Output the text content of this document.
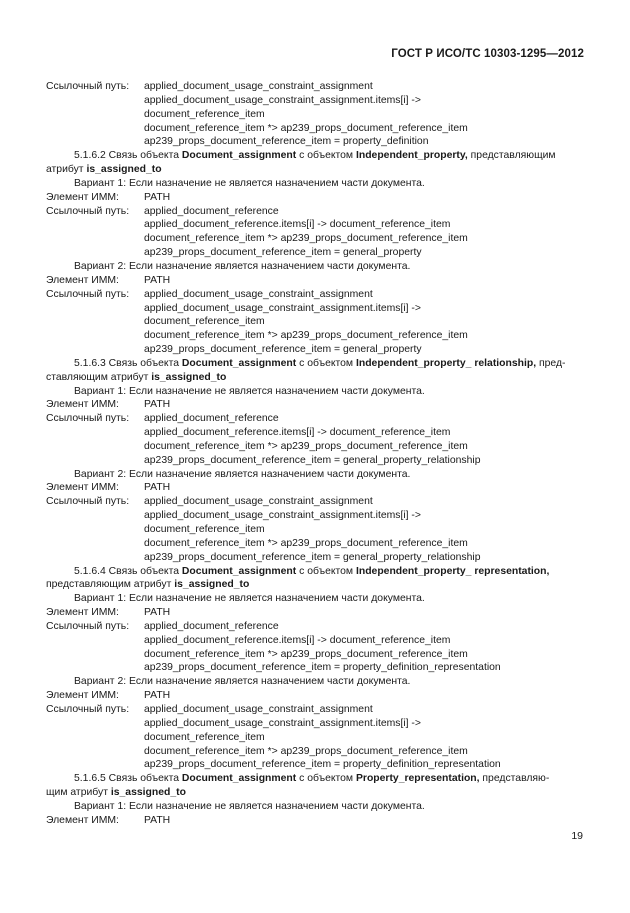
ГОСТ Р ИСО/ТС 10303-1295—2012
Ссылочный путь: applied_document_usage_constraint_assignment
applied_document_usage_constraint_assignment.items[i] ->
document_reference_item
document_reference_item *> ap239_props_document_reference_item
ap239_props_document_reference_item = property_definition
5.1.6.2 Связь объекта Document_assignment с объектом Independent_property, представляющим
атрибут is_assigned_to
Вариант 1: Если назначение не является назначением части документа.
Элемент ИММ: PATH
Ссылочный путь: applied_document_reference
applied_document_reference.items[i] -> document_reference_item
document_reference_item *> ap239_props_document_reference_item
ap239_props_document_reference_item = general_property
Вариант 2: Если назначение является назначением части документа.
Элемент ИММ: PATH
Ссылочный путь: applied_document_usage_constraint_assignment
applied_document_usage_constraint_assignment.items[i] ->
document_reference_item
document_reference_item *> ap239_props_document_reference_item
ap239_props_document_reference_item = general_property
5.1.6.3 Связь объекта Document_assignment с объектом Independent_property_ relationship, пред-
ставляющим атрибут is_assigned_to
Вариант 1: Если назначение не является назначением части документа.
Элемент ИММ: PATH
Ссылочный путь: applied_document_reference
applied_document_reference.items[i] -> document_reference_item
document_reference_item *> ap239_props_document_reference_item
ap239_props_document_reference_item = general_property_relationship
Вариант 2: Если назначение является назначением части документа.
Элемент ИММ: PATH
Ссылочный путь: applied_document_usage_constraint_assignment
applied_document_usage_constraint_assignment.items[i] ->
document_reference_item
document_reference_item *> ap239_props_document_reference_item
ap239_props_document_reference_item = general_property_relationship
5.1.6.4 Связь объекта Document_assignment с объектом Independent_property_ representation,
представляющим атрибут is_assigned_to
Вариант 1: Если назначение не является назначением части документа.
Элемент ИММ: PATH
Ссылочный путь: applied_document_reference
applied_document_reference.items[i] -> document_reference_item
document_reference_item *> ap239_props_document_reference_item
ap239_props_document_reference_item = property_definition_representation
Вариант 2: Если назначение является назначением части документа.
Элемент ИММ: PATH
Ссылочный путь: applied_document_usage_constraint_assignment
applied_document_usage_constraint_assignment.items[i] ->
document_reference_item
document_reference_item *> ap239_props_document_reference_item
ap239_props_document_reference_item = property_definition_representation
5.1.6.5 Связь объекта Document_assignment с объектом Property_representation, представляю-
щим атрибут is_assigned_to
Вариант 1: Если назначение не является назначением части документа.
Элемент ИММ: PATH
19
